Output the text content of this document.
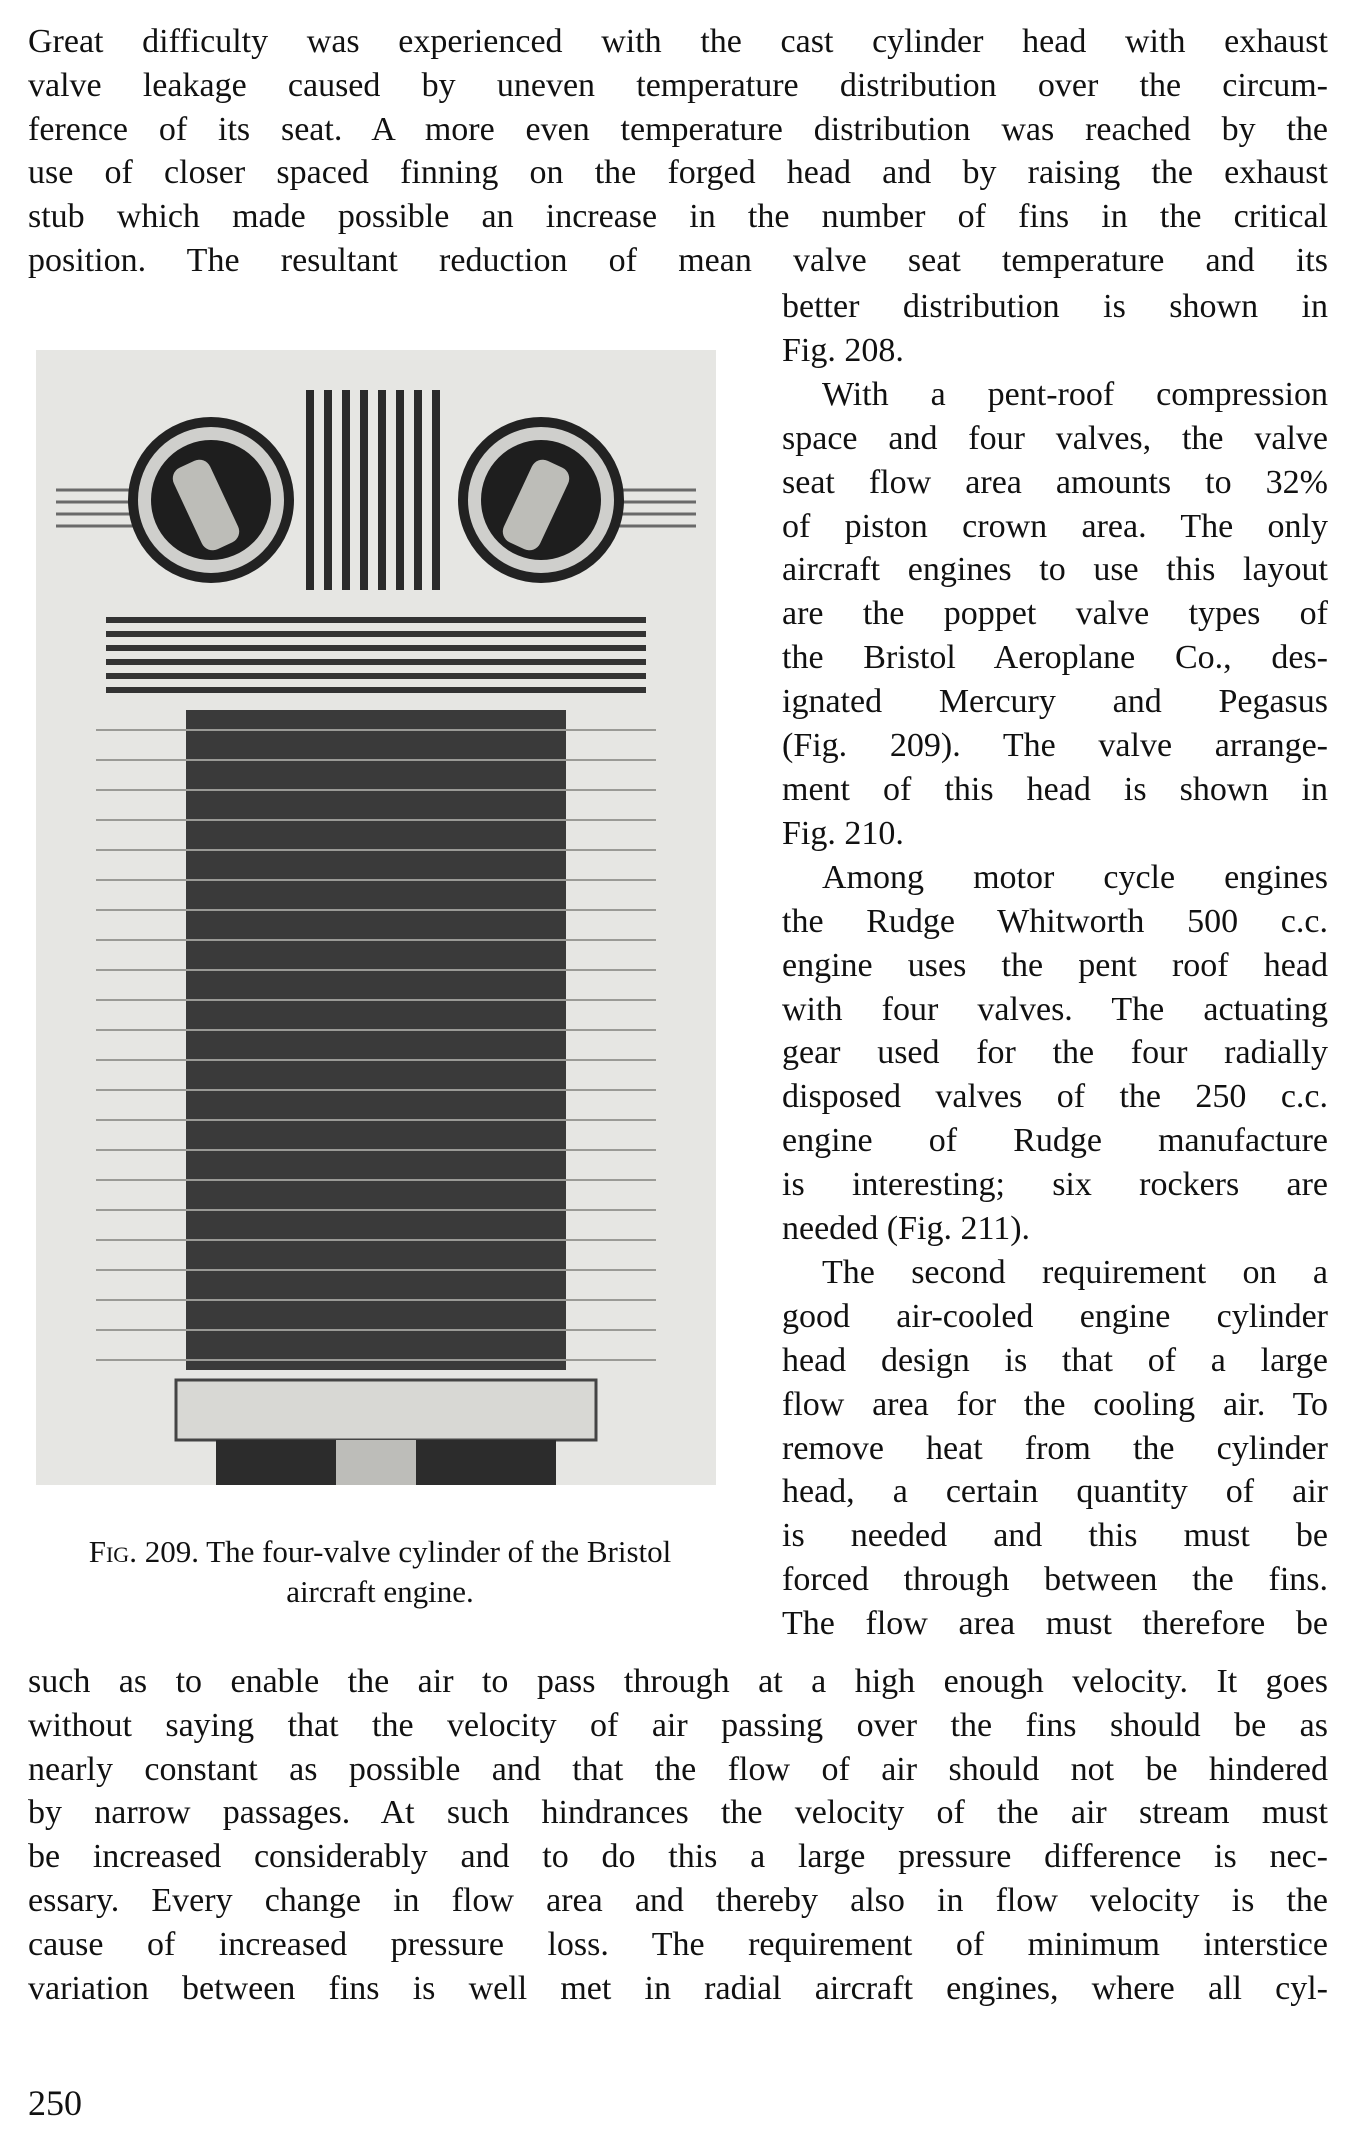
Great difficulty was experienced with the cast cylinder head with exhaust
valve leakage caused by uneven temperature distribution over the circum-
ference of its seat. A more even temperature distribution was reached by the
use of closer spaced finning on the forged head and by raising the exhaust
stub which made possible an increase in the number of fins in the critical
position. The resultant reduction of mean valve seat temperature and its
better distribution is shown in
Fig. 208.
With a pent-roof compression
space and four valves, the valve
seat flow area amounts to 32%
of piston crown area. The only
aircraft engines to use this layout
are the poppet valve types of
the Bristol Aeroplane Co., des-
ignated Mercury and Pegasus
(Fig. 209). The valve arrange-
ment of this head is shown in
Fig. 210.
Among motor cycle engines
the Rudge Whitworth 500 c.c.
engine uses the pent roof head
with four valves. The actuating
gear used for the four radially
disposed valves of the 250 c.c.
engine of Rudge manufacture
is interesting; six rockers are
needed (Fig. 211).
The second requirement on a
good air-cooled engine cylinder
head design is that of a large
flow area for the cooling air. To
remove heat from the cylinder
head, a certain quantity of air
is needed and this must be
forced through between the fins.
The flow area must therefore be
Fig. 209. The four-valve cylinder of the Bristol
aircraft engine.
such as to enable the air to pass through at a high enough velocity. It goes
without saying that the velocity of air passing over the fins should be as
nearly constant as possible and that the flow of air should not be hindered
by narrow passages. At such hindrances the velocity of the air stream must
be increased considerably and to do this a large pressure difference is nec-
essary. Every change in flow area and thereby also in flow velocity is the
cause of increased pressure loss. The requirement of minimum interstice
variation between fins is well met in radial aircraft engines, where all cyl-
250
